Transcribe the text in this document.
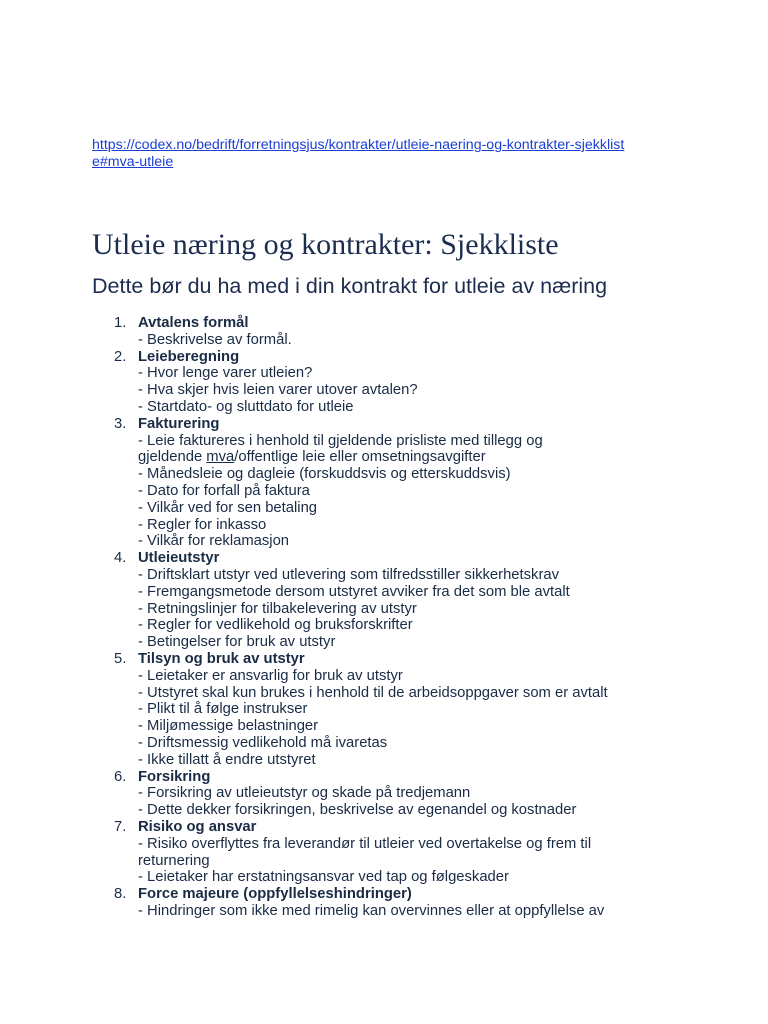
https://codex.no/bedrift/forretningsjus/kontrakter/utleie-naering-og-kontrakter-sjekkliste#mva-utleie
Utleie næring og kontrakter: Sjekkliste
Dette bør du ha med i din kontrakt for utleie av næring
1. Avtalens formål
- Beskrivelse av formål.
2. Leieberegning
- Hvor lenge varer utleien?
- Hva skjer hvis leien varer utover avtalen?
- Startdato- og sluttdato for utleie
3. Fakturering
- Leie faktureres i henhold til gjeldende prisliste med tillegg og
gjeldende mva/offentlige leie eller omsetningsavgifter
- Månedsleie og dagleie (forskuddsvis og etterskuddsvis)
- Dato for forfall på faktura
- Vilkår ved for sen betaling
- Regler for inkasso
- Vilkår for reklamasjon
4. Utleieutstyr
- Driftsklart utstyr ved utlevering som tilfredsstiller sikkerhetskrav
- Fremgangsmetode dersom utstyret avviker fra det som ble avtalt
- Retningslinjer for tilbakelevering av utstyr
- Regler for vedlikehold og bruksforskrifter
- Betingelser for bruk av utstyr
5. Tilsyn og bruk av utstyr
- Leietaker er ansvarlig for bruk av utstyr
- Utstyret skal kun brukes i henhold til de arbeidsoppgaver som er avtalt
- Plikt til å følge instrukser
- Miljømessige belastninger
- Driftsmessig vedlikehold må ivaretas
- Ikke tillatt å endre utstyret
6. Forsikring
- Forsikring av utleieutstyr og skade på tredjemann
- Dette dekker forsikringen, beskrivelse av egenandel og kostnader
7. Risiko og ansvar
- Risiko overflyttes fra leverandør til utleier ved overtakelse og frem til
returnering
- Leietaker har erstatningsansvar ved tap og følgeskader
8. Force majeure (oppfyllelseshindringer)
- Hindringer som ikke med rimelig kan overvinnes eller at oppfyllelse av
